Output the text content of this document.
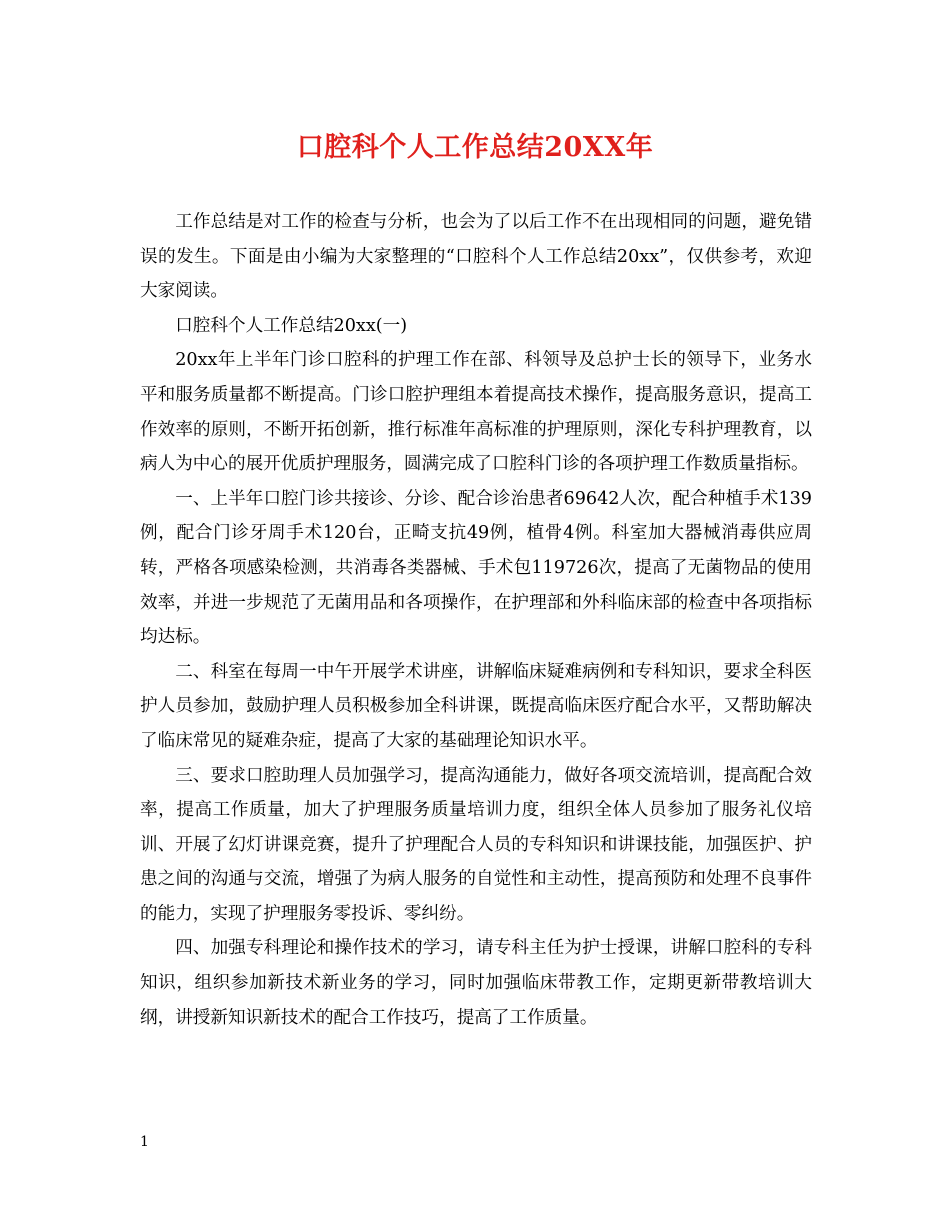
口腔科个人工作总结20XX年

工作总结是对工作的检查与分析，也会为了以后工作不在出现相同的问题，避免错误的发生。下面是由小编为大家整理的“口腔科个人工作总结20xx”，仅供参考，欢迎大家阅读。

口腔科个人工作总结20xx(一)

20xx年上半年门诊口腔科的护理工作在部、科领导及总护士长的领导下，业务水平和服务质量都不断提高。门诊口腔护理组本着提高技术操作，提高服务意识，提高工作效率的原则，不断开拓创新，推行标准年高标准的护理原则，深化专科护理教育，以病人为中心的展开优质护理服务，圆满完成了口腔科门诊的各项护理工作数质量指标。

一、上半年口腔门诊共接诊、分诊、配合诊治患者69642人次，配合种植手术139例，配合门诊牙周手术120台，正畸支抗49例，植骨4例。科室加大器械消毒供应周转，严格各项感染检测，共消毒各类器械、手术包119726次，提高了无菌物品的使用效率，并进一步规范了无菌用品和各项操作，在护理部和外科临床部的检查中各项指标均达标。

二、科室在每周一中午开展学术讲座，讲解临床疑难病例和专科知识，要求全科医护人员参加，鼓励护理人员积极参加全科讲课，既提高临床医疗配合水平，又帮助解决了临床常见的疑难杂症，提高了大家的基础理论知识水平。

三、要求口腔助理人员加强学习，提高沟通能力，做好各项交流培训，提高配合效率，提高工作质量，加大了护理服务质量培训力度，组织全体人员参加了服务礼仪培训、开展了幻灯讲课竞赛，提升了护理配合人员的专科知识和讲课技能，加强医护、护患之间的沟通与交流，增强了为病人服务的自觉性和主动性，提高预防和处理不良事件的能力，实现了护理服务零投诉、零纠纷。

四、加强专科理论和操作技术的学习，请专科主任为护士授课，讲解口腔科的专科知识，组织参加新技术新业务的学习，同时加强临床带教工作，定期更新带教培训大纲，讲授新知识新技术的配合工作技巧，提高了工作质量。

1
